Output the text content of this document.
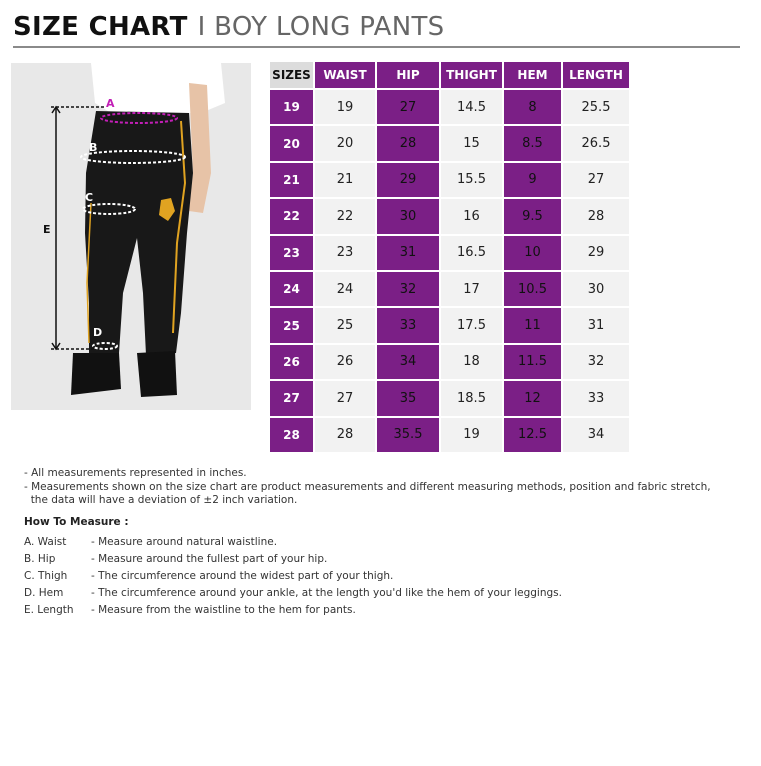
SIZE CHART I BOY LONG PANTS
A
B
C
D
E
SIZES	WAIST	HIP	THIGHT	HEM	LENGTH
19	19	27	14.5	8	25.5
20	20	28	15	8.5	26.5
21	21	29	15.5	9	27
22	22	30	16	9.5	28
23	23	31	16.5	10	29
24	24	32	17	10.5	30
25	25	33	17.5	11	31
26	26	34	18	11.5	32
27	27	35	18.5	12	33
28	28	35.5	19	12.5	34
- All measurements represented in inches.
- Measurements shown on the size chart are product measurements and different measuring methods, position and fabric stretch,
the data will have a deviation of ±2 inch variation.
How To Measure :
A. Waist	- Measure around natural waistline.
B. Hip	- Measure around the fullest part of your hip.
C. Thigh	- The circumference around the widest part of your thigh.
D. Hem	- The circumference around your ankle, at the length you'd like the hem of your leggings.
E. Length	- Measure from the waistline to the hem for pants.
